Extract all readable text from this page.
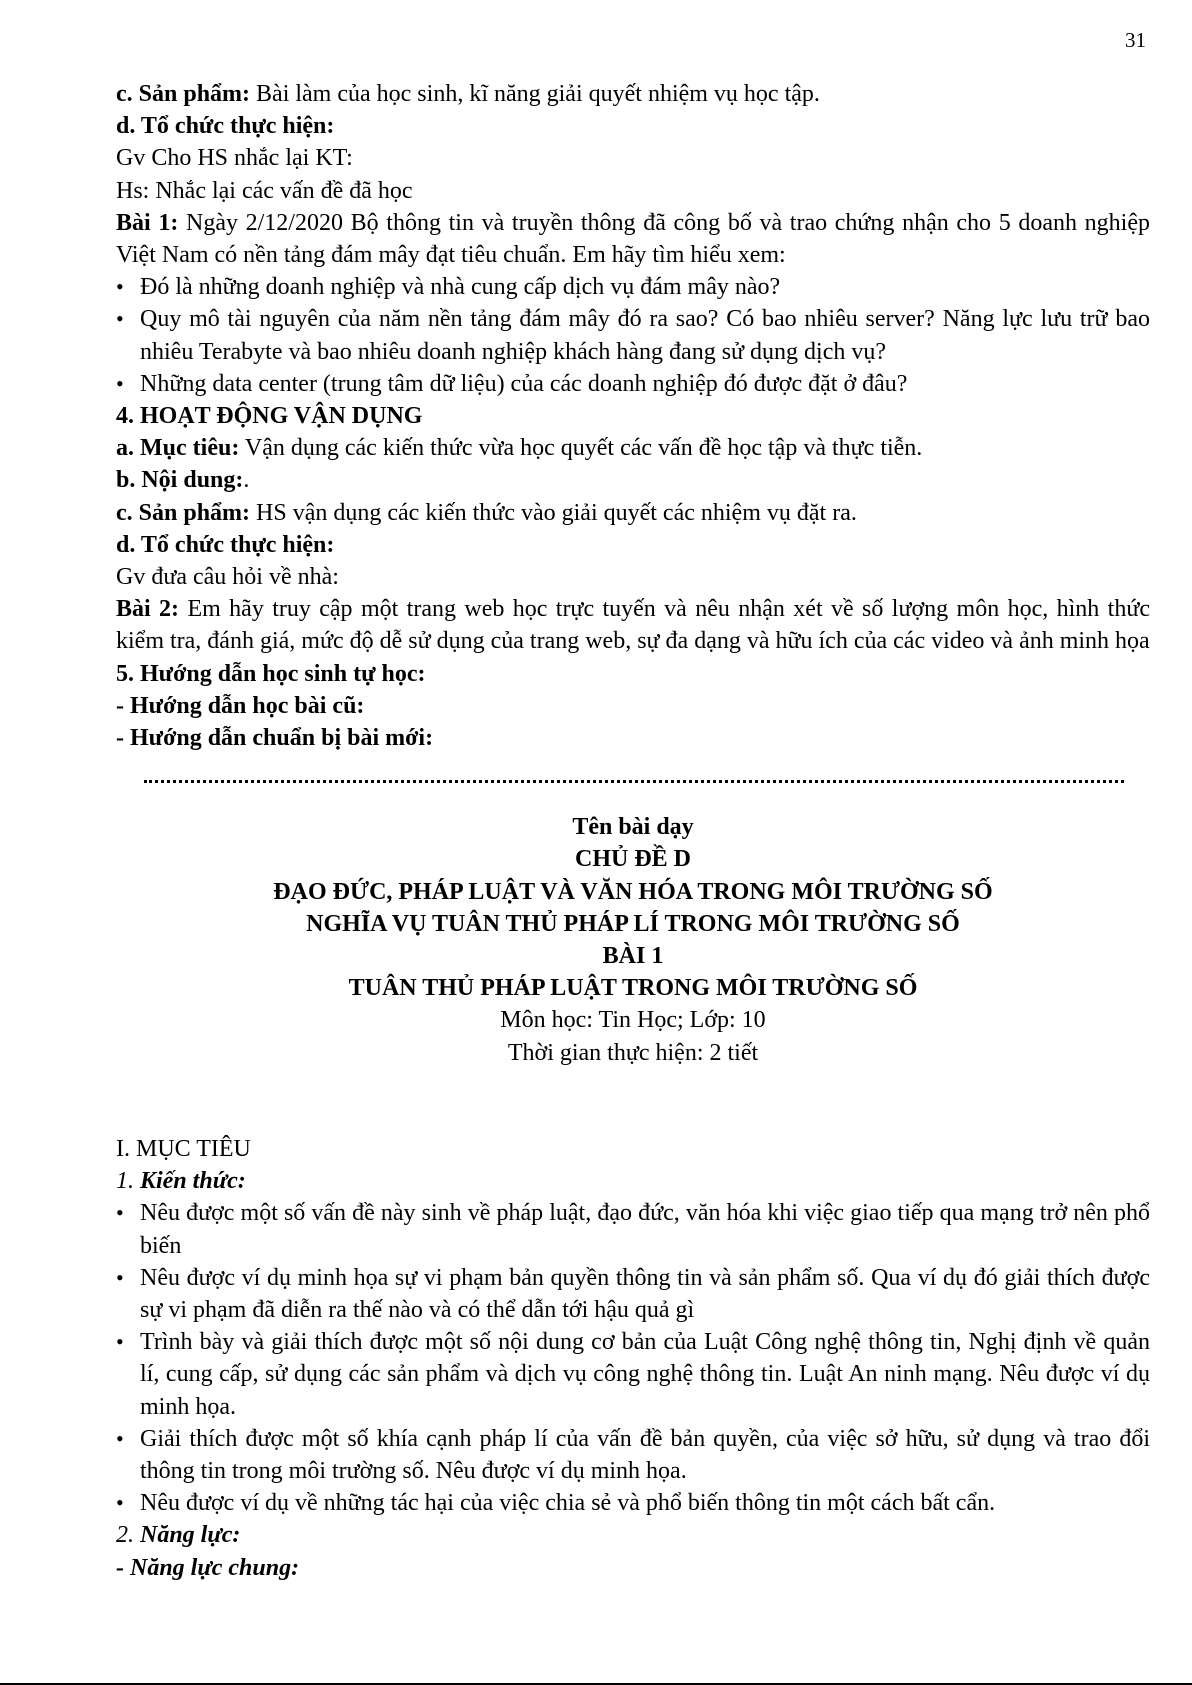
31

c. Sản phẩm: Bài làm của học sinh, kĩ năng giải quyết nhiệm vụ học tập.

d. Tổ chức thực hiện:

Gv Cho HS nhắc lại KT:

Hs: Nhắc lại các vấn đề đã học

Bài 1: Ngày 2/12/2020 Bộ thông tin và truyền thông đã công bố và trao chứng nhận cho 5 doanh nghiệp Việt Nam có nền tảng đám mây đạt tiêu chuẩn. Em hãy tìm hiểu xem:

• Đó là những doanh nghiệp và nhà cung cấp dịch vụ đám mây nào?
• Quy mô tài nguyên của năm nền tảng đám mây đó ra sao? Có bao nhiêu server? Năng lực lưu trữ bao nhiêu Terabyte và bao nhiêu doanh nghiệp khách hàng đang sử dụng dịch vụ?
• Những data center (trung tâm dữ liệu) của các doanh nghiệp đó được đặt ở đâu?

4. HOẠT ĐỘNG VẬN DỤNG

a. Mục tiêu: Vận dụng các kiến thức vừa học quyết các vấn đề học tập và thực tiễn.

b. Nội dung:.

c. Sản phẩm: HS vận dụng các kiến thức vào giải quyết các nhiệm vụ đặt ra.

d. Tổ chức thực hiện:

Gv đưa câu hỏi về nhà:

Bài 2: Em hãy truy cập một trang web học trực tuyến và nêu nhận xét về số lượng môn học, hình thức kiểm tra, đánh giá, mức độ dễ sử dụng của trang web, sự đa dạng và hữu ích của các video và ảnh minh họa

5. Hướng dẫn học sinh tự học:

- Hướng dẫn học bài cũ:

- Hướng dẫn chuẩn bị bài mới:

Tên bài dạy
CHỦ ĐỀ D
ĐẠO ĐỨC, PHÁP LUẬT VÀ VĂN HÓA TRONG MÔI TRƯỜNG SỐ
NGHĨA VỤ TUÂN THỦ PHÁP LÍ TRONG MÔI TRƯỜNG SỐ
BÀI 1
TUÂN THỦ PHÁP LUẬT TRONG MÔI TRƯỜNG SỐ
Môn học: Tin Học; Lớp: 10
Thời gian thực hiện: 2 tiết

I. MỤC TIÊU

1. Kiến thức:

• Nêu được một số vấn đề này sinh về pháp luật, đạo đức, văn hóa khi việc giao tiếp qua mạng trở nên phổ biến
• Nêu được ví dụ minh họa sự vi phạm bản quyền thông tin và sản phẩm số. Qua ví dụ đó giải thích được sự vi phạm đã diễn ra thế nào và có thể dẫn tới hậu quả gì
• Trình bày và giải thích được một số nội dung cơ bản của Luật Công nghệ thông tin, Nghị định về quản lí, cung cấp, sử dụng các sản phẩm và dịch vụ công nghệ thông tin. Luật An ninh mạng. Nêu được ví dụ minh họa.
• Giải thích được một số khía cạnh pháp lí của vấn đề bản quyền, của việc sở hữu, sử dụng và trao đổi thông tin trong môi trường số. Nêu được ví dụ minh họa.
• Nêu được ví dụ về những tác hại của việc chia sẻ và phổ biến thông tin một cách bất cẩn.

2. Năng lực:

- Năng lực chung:
